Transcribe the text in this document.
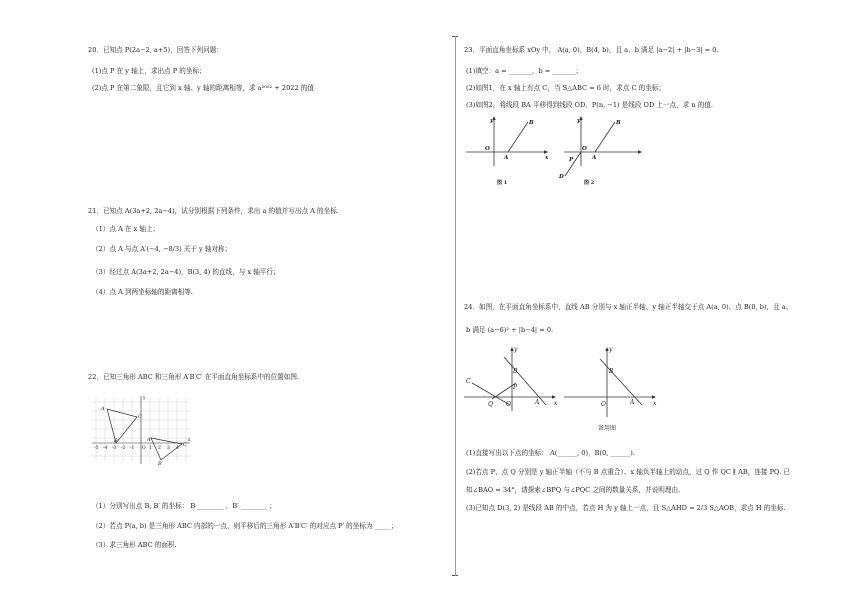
20．已知点 P(2a−2, a+5)，回答下列问题：
(1)点 P 在 y 轴上，求出点 P 的坐标；
(2)点 P 在第二象限，且它到 x 轴、y 轴的距离相等，求 a²⁰²² + 2022 的值
21．已知点 A(3a+2, 2a−4)，试分别根据下列条件，求出 a 的值并写出点 A 的坐标.
（1）点 A 在 x 轴上；
（2）点 A 与点 A′(−4, −8/3) 关于 y 轴对称；
（3）经过点 A(3a+2, 2a−4)，B(3, 4) 的直线，与 x 轴平行；
（4）点 A 到两坐标轴的距离相等.
22．已知三角形 ABC 和三角形 A′B′C′ 在平面直角坐标系中的位置如图.
x
y
-5 -4 -3 -2 -1 O 1 2 3 4
A
B
C
A′
B′
C′
（1）分别写出点 B, B′ 的坐标： B ________ ，B′ ________ ；
（2）若点 P(a, b) 是三角形 ABC 内部的一点，则平移后的三角形 A′B′C′ 的对应点 P′ 的坐标为 _____；
（3）求三角形 ABC 的面积.
23．平面直角坐标系 xOy 中， A(a, 0)，B(4, b)，且 a、b 满足 |a−2| + |b−3| = 0.
(1)填空：a = _______，b = _______；
(2)如图1，在 x 轴上有点 C，当 S△ABC = 6 时，求点 C 的坐标；
(3)如图2，将线段 BA 平移得到线段 OD，P(n, −1) 是线段 OD 上一点，求 n 的值.
y
O
A
B
x
图 1
y
O
A
B
P
D
图 2
24．如图，在平面直角坐标系中，直线 AB 分别与 x 轴正半轴、y 轴正半轴交于点 A(a, 0)、点 B(0, b)，且 a、
b 满足 (a−6)² + |b−4| = 0.
C
y
B
P
Q O	A x
y
B
O	A	x
备用图
(1)直接写出以下点的坐标： A(______, 0)，B(0, ______).
(2)若点 P、点 Q 分别是 y 轴正半轴（不与 B 点重合）、x 轴负半轴上的动点，过 Q 作 QC ∥ AB，连接 PQ. 已
知∠BAO = 34°，请探索∠BPQ 与∠PQC 之间的数量关系，并说明理由.
(3)已知点 D(3, 2) 是线段 AB 的中点，若点 H 为 y 轴上一点，且 S△AHD = 2/3 S△AOB，求点 H 的坐标.
